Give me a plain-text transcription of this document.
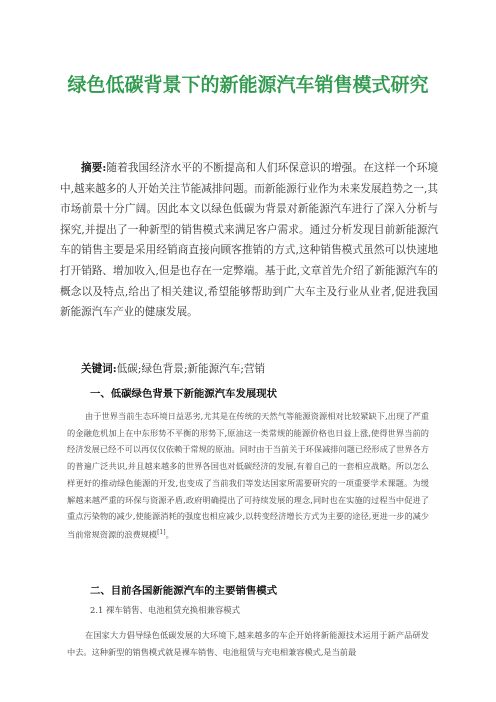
绿色低碳背景下的新能源汽车销售模式研究

摘要:随着我国经济水平的不断提高和人们环保意识的增强。在这样一个环境中,越来越多的人开始关注节能减排问题。而新能源行业作为未来发展趋势之一,其市场前景十分广阔。因此本文以绿色低碳为背景对新能源汽车进行了深入分析与探究,并提出了一种新型的销售模式来满足客户需求。通过分析发现目前新能源汽车的销售主要是采用经销商直接向顾客推销的方式,这种销售模式虽然可以快速地打开销路、增加收入,但是也存在一定弊端。基于此,文章首先介绍了新能源汽车的概念以及特点,给出了相关建议,希望能够帮助到广大车主及行业从业者,促进我国新能源汽车产业的健康发展。

关键词:低碳;绿色背景;新能源汽车;营销

一、低碳绿色背景下新能源汽车发展现状

由于世界当前生态环境日益恶劣,尤其是在传统的天然气等能源资源相对比较紧缺下,出现了严重的金融危机加上在中东形势不平衡的形势下,原油这一类常规的能源价格也日益上涨,使得世界当前的经济发展已经不可以再仅仅依赖于常规的原油。同时由于当前关于环保减排问题已经形成了世界各方的普遍广泛共识,并且越来越多的世界各国也对低碳经济的发展,有着自己的一套相应战略。所以怎么样更好的推动绿色能源的开发,也变成了当前我们等发达国家所需要研究的一项重要学术课题。为缓解越来越严重的环保与资源矛盾,政府明确提出了可持续发展的理念,同时也在实施的过程当中促进了重点污染物的减少,使能源消耗的强度也相应减少,以转变经济增长方式为主要的途径,更进一步的减少当前常规资源的浪费规模[1]。

二、目前各国新能源汽车的主要销售模式

2.1 裸车销售、电池租赁充换相兼容模式

在国家大力倡导绿色低碳发展的大环境下,越来越多的车企开始将新能源技术运用于新产品研发中去。这种新型的销售模式就是裸车销售、电池租赁与充电相兼容模式,是当前最
